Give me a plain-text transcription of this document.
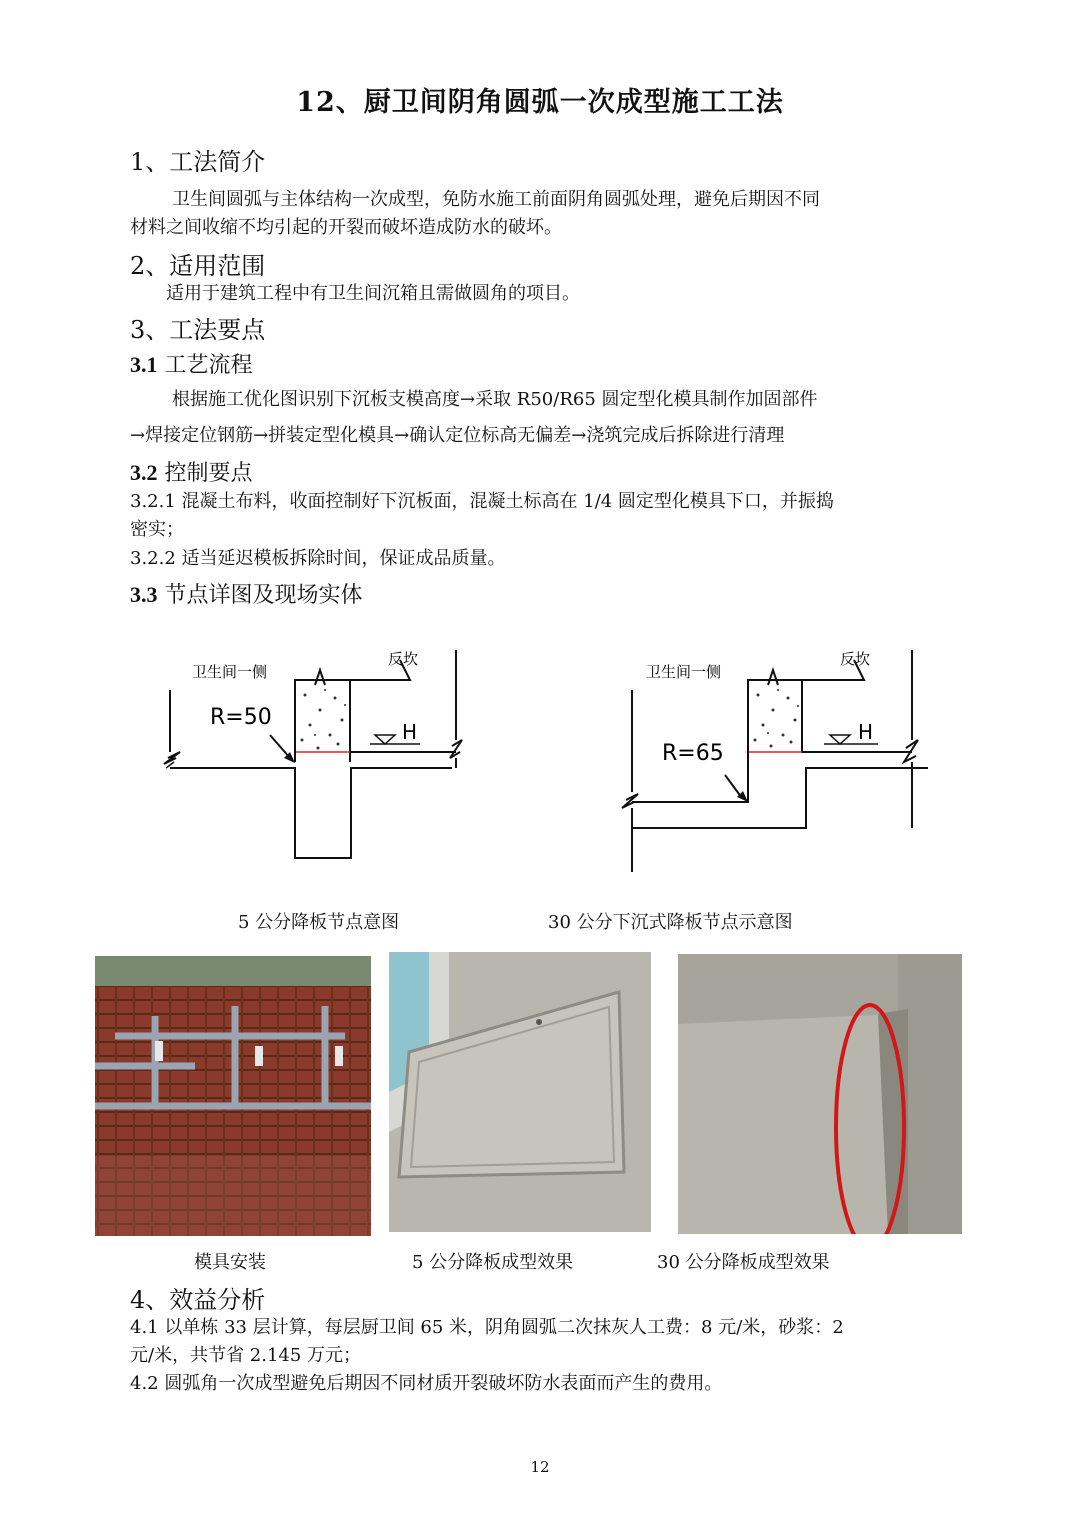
12、厨卫间阴角圆弧一次成型施工工法
1、工法简介
卫生间圆弧与主体结构一次成型，免防水施工前面阴角圆弧处理，避免后期因不同
材料之间收缩不均引起的开裂而破坏造成防水的破坏。
2、适用范围
适用于建筑工程中有卫生间沉箱且需做圆角的项目。
3、工法要点
3.1 工艺流程
根据施工优化图识别下沉板支模高度→采取 R50/R65 圆定型化模具制作加固部件
→焊接定位钢筋→拼装定型化模具→确认定位标高无偏差→浇筑完成后拆除进行清理
3.2 控制要点
3.2.1 混凝土布料，收面控制好下沉板面，混凝土标高在 1/4 圆定型化模具下口，并振捣
密实；
3.2.2 适当延迟模板拆除时间，保证成品质量。
3.3 节点详图及现场实体
卫生间一侧
反坎
R=50
H
卫生间一侧
反坎
R=65
H
5 公分降板节点意图	30 公分下沉式降板节点示意图
模具安装	5 公分降板成型效果	30 公分降板成型效果
4、效益分析
4.1 以单栋 33 层计算，每层厨卫间 65 米，阴角圆弧二次抹灰人工费：8 元/米，砂浆：2
元/米，共节省 2.145 万元；
4.2 圆弧角一次成型避免后期因不同材质开裂破坏防水表面而产生的费用。
12
